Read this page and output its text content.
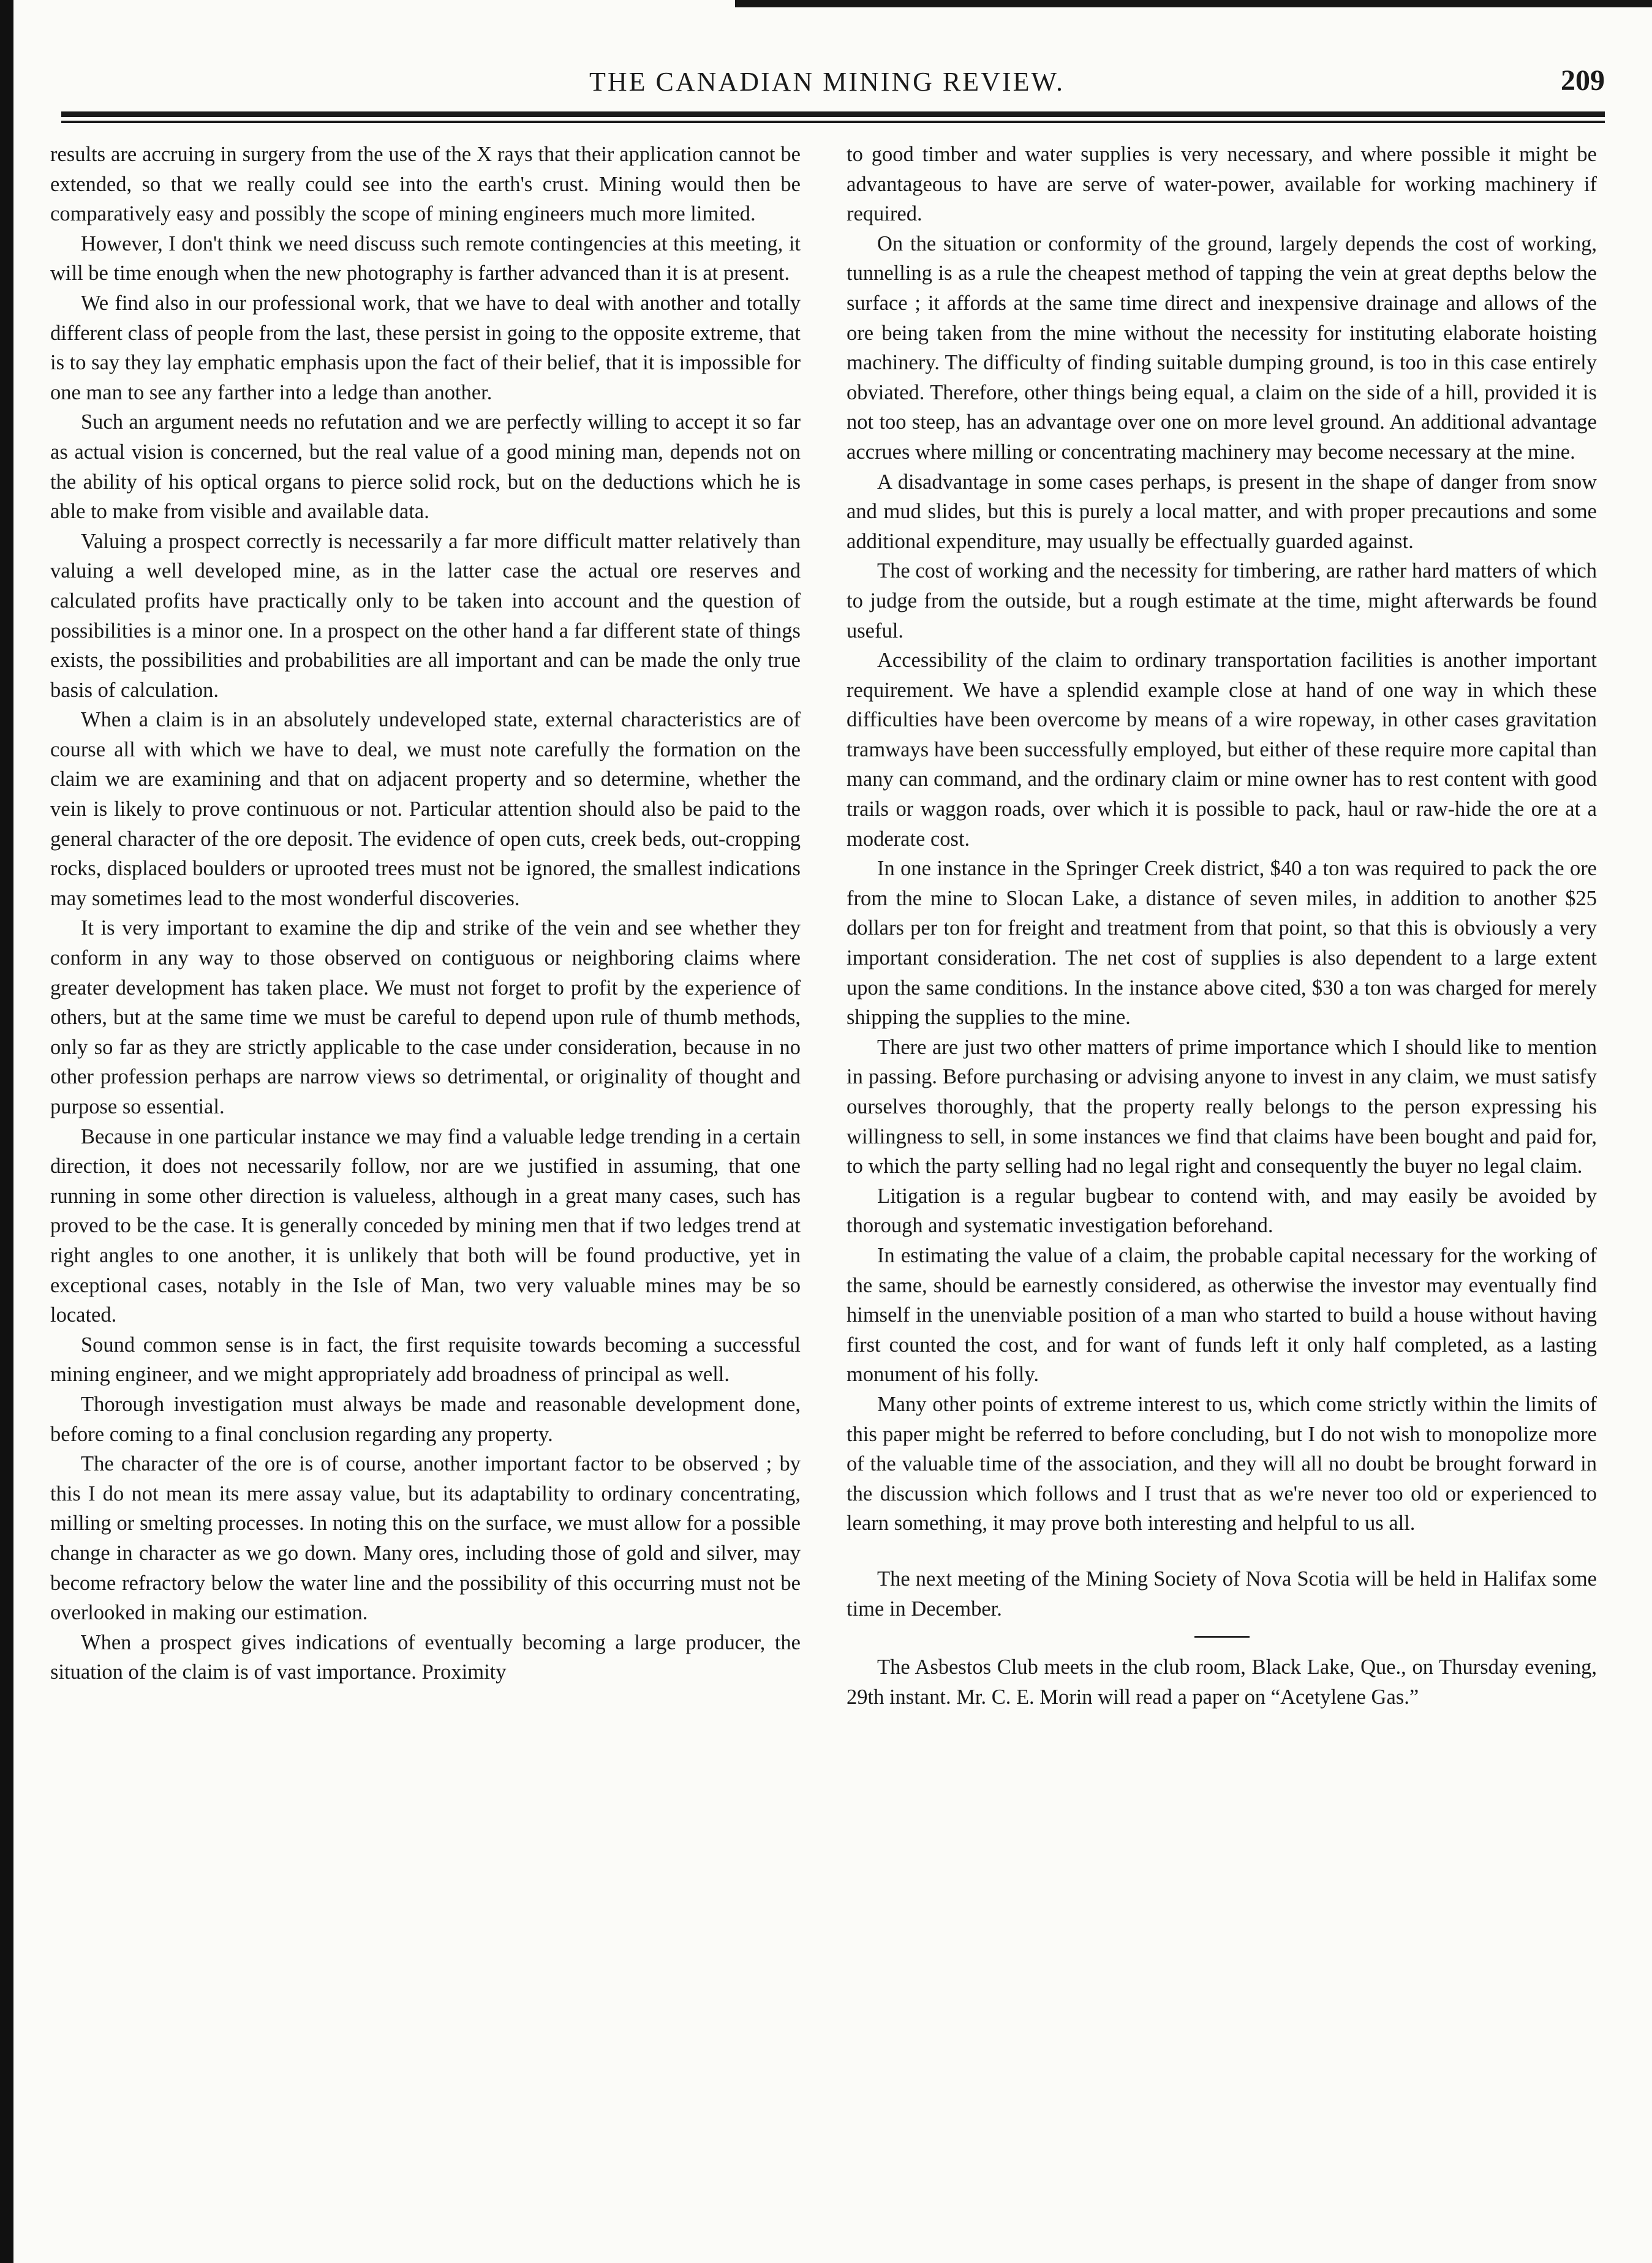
THE CANADIAN MINING REVIEW.	209

results are accruing in surgery from the use of the X rays that their application cannot be extended, so that we really could see into the earth's crust. Mining would then be comparatively easy and possibly the scope of mining engineers much more limited.

However, I don't think we need discuss such remote contingencies at this meeting, it will be time enough when the new photography is farther advanced than it is at present.

We find also in our professional work, that we have to deal with another and totally different class of people from the last, these persist in going to the opposite extreme, that is to say they lay emphatic emphasis upon the fact of their belief, that it is impossible for one man to see any farther into a ledge than another.

Such an argument needs no refutation and we are perfectly willing to accept it so far as actual vision is concerned, but the real value of a good mining man, depends not on the ability of his optical organs to pierce solid rock, but on the deductions which he is able to make from visible and available data.

Valuing a prospect correctly is necessarily a far more difficult matter relatively than valuing a well developed mine, as in the latter case the actual ore reserves and calculated profits have practically only to be taken into account and the question of possibilities is a minor one. In a prospect on the other hand a far different state of things exists, the possibilities and probabilities are all important and can be made the only true basis of calculation.

When a claim is in an absolutely undeveloped state, external characteristics are of course all with which we have to deal, we must note carefully the formation on the claim we are examining and that on adjacent property and so determine, whether the vein is likely to prove continuous or not. Particular attention should also be paid to the general character of the ore deposit. The evidence of open cuts, creek beds, out-cropping rocks, displaced boulders or uprooted trees must not be ignored, the smallest indications may sometimes lead to the most wonderful discoveries.

It is very important to examine the dip and strike of the vein and see whether they conform in any way to those observed on contiguous or neighboring claims where greater development has taken place. We must not forget to profit by the experience of others, but at the same time we must be careful to depend upon rule of thumb methods, only so far as they are strictly applicable to the case under consideration, because in no other profession perhaps are narrow views so detrimental, or originality of thought and purpose so essential.

Because in one particular instance we may find a valuable ledge trending in a certain direction, it does not necessarily follow, nor are we justified in assuming, that one running in some other direction is valueless, although in a great many cases, such has proved to be the case. It is generally conceded by mining men that if two ledges trend at right angles to one another, it is unlikely that both will be found productive, yet in exceptional cases, notably in the Isle of Man, two very valuable mines may be so located.

Sound common sense is in fact, the first requisite towards becoming a successful mining engineer, and we might appropriately add broadness of principal as well.

Thorough investigation must always be made and reasonable development done, before coming to a final conclusion regarding any property.

The character of the ore is of course, another important factor to be observed ; by this I do not mean its mere assay value, but its adaptability to ordinary concentrating, milling or smelting processes. In noting this on the surface, we must allow for a possible change in character as we go down. Many ores, including those of gold and silver, may become refractory below the water line and the possibility of this occurring must not be overlooked in making our estimation.

When a prospect gives indications of eventually becoming a large producer, the situation of the claim is of vast importance. Proximity

to good timber and water supplies is very necessary, and where possible it might be advantageous to have are serve of water-power, available for working machinery if required.

On the situation or conformity of the ground, largely depends the cost of working, tunnelling is as a rule the cheapest method of tapping the vein at great depths below the surface ; it affords at the same time direct and inexpensive drainage and allows of the ore being taken from the mine without the necessity for instituting elaborate hoisting machinery. The difficulty of finding suitable dumping ground, is too in this case entirely obviated. Therefore, other things being equal, a claim on the side of a hill, provided it is not too steep, has an advantage over one on more level ground. An additional advantage accrues where milling or concentrating machinery may become necessary at the mine.

A disadvantage in some cases perhaps, is present in the shape of danger from snow and mud slides, but this is purely a local matter, and with proper precautions and some additional expenditure, may usually be effectually guarded against.

The cost of working and the necessity for timbering, are rather hard matters of which to judge from the outside, but a rough estimate at the time, might afterwards be found useful.

Accessibility of the claim to ordinary transportation facilities is another important requirement. We have a splendid example close at hand of one way in which these difficulties have been overcome by means of a wire ropeway, in other cases gravitation tramways have been successfully employed, but either of these require more capital than many can command, and the ordinary claim or mine owner has to rest content with good trails or waggon roads, over which it is possible to pack, haul or raw-hide the ore at a moderate cost.

In one instance in the Springer Creek district, $40 a ton was required to pack the ore from the mine to Slocan Lake, a distance of seven miles, in addition to another $25 dollars per ton for freight and treatment from that point, so that this is obviously a very important consideration. The net cost of supplies is also dependent to a large extent upon the same conditions. In the instance above cited, $30 a ton was charged for merely shipping the supplies to the mine.

There are just two other matters of prime importance which I should like to mention in passing. Before purchasing or advising anyone to invest in any claim, we must satisfy ourselves thoroughly, that the property really belongs to the person expressing his willingness to sell, in some instances we find that claims have been bought and paid for, to which the party selling had no legal right and consequently the buyer no legal claim.

Litigation is a regular bugbear to contend with, and may easily be avoided by thorough and systematic investigation beforehand.

In estimating the value of a claim, the probable capital necessary for the working of the same, should be earnestly considered, as otherwise the investor may eventually find himself in the unenviable position of a man who started to build a house without having first counted the cost, and for want of funds left it only half completed, as a lasting monument of his folly.

Many other points of extreme interest to us, which come strictly within the limits of this paper might be referred to before concluding, but I do not wish to monopolize more of the valuable time of the association, and they will all no doubt be brought forward in the discussion which follows and I trust that as we're never too old or experienced to learn something, it may prove both interesting and helpful to us all.

The next meeting of the Mining Society of Nova Scotia will be held in Halifax some time in December.

The Asbestos Club meets in the club room, Black Lake, Que., on Thursday evening, 29th instant. Mr. C. E. Morin will read a paper on “Acetylene Gas.”
